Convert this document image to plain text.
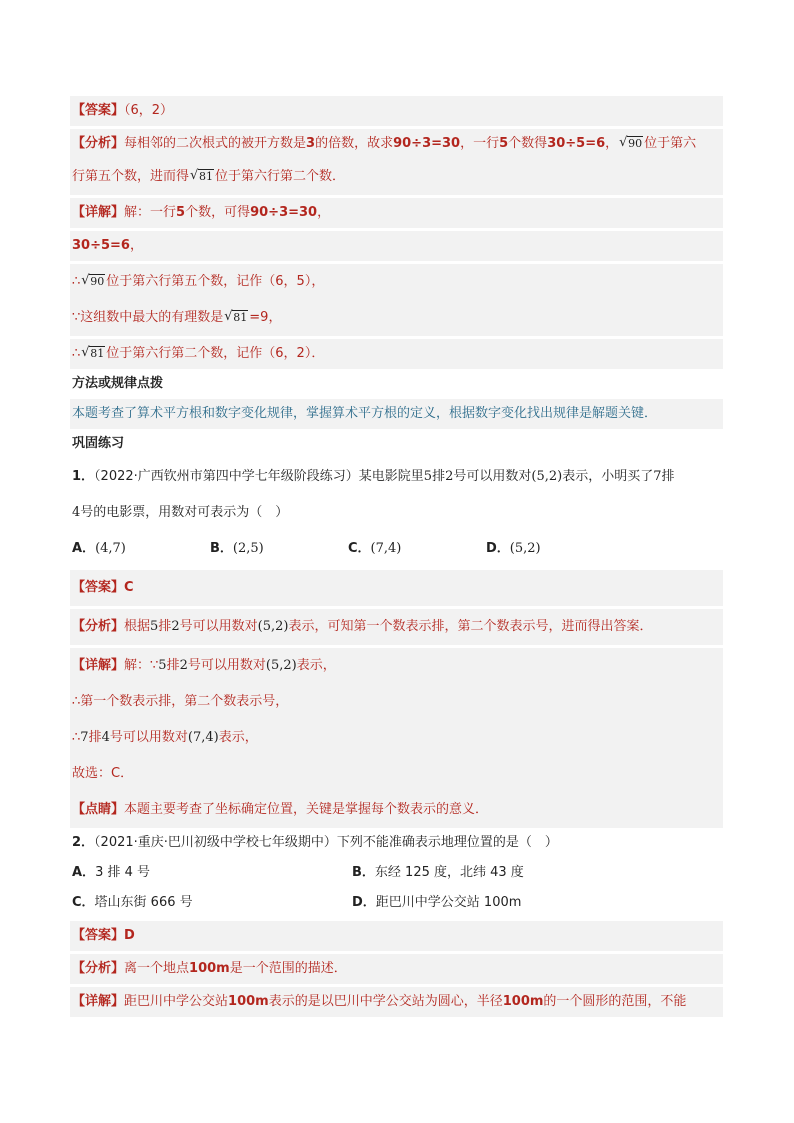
【答案】（6，2）
【分析】每相邻的二次根式的被开方数是3的倍数，故求90÷3=30，一行5个数得30÷5=6， √ 90 位于第六
行第五个数，进而得 √ 81 位于第六行第二个数．
【详解】解：一行5个数，可得90÷3=30，
30÷5=6，
∴ √ 90 位于第六行第五个数，记作（6，5），
∵这组数中最大的有理数是 √ 81 =9，
∴ √ 81 位于第六行第二个数，记作（6，2）．
方法或规律点拨
本题考查了算术平方根和数字变化规律，掌握算术平方根的定义，根据数字变化找出规律是解题关键．
巩固练习
1．（2022·广西钦州市第四中学七年级阶段练习）某电影院里5排2号可以用数对(5,2)表示，小明买了7排
4号的电影票，用数对可表示为（　）
A．(4,7)	B．(2,5)	C．(7,4)	D．(5,2)
【答案】C
【分析】根据5排2号可以用数对(5,2)表示，可知第一个数表示排，第二个数表示号，进而得出答案．
【详解】解：∵5排2号可以用数对(5,2)表示，
∴第一个数表示排，第二个数表示号，
∴7排4号可以用数对(7,4)表示，
故选：C．
【点睛】本题主要考查了坐标确定位置，关键是掌握每个数表示的意义．
2．（2021·重庆·巴川初级中学校七年级期中）下列不能准确表示地理位置的是（　）
A．3 排 4 号	B．东经 125 度，北纬 43 度
C．塔山东街 666 号	D．距巴川中学公交站 100m
【答案】D
【分析】离一个地点100m是一个范围的描述．
【详解】距巴川中学公交站100m表示的是以巴川中学公交站为圆心，半径100m的一个圆形的范围，不能
